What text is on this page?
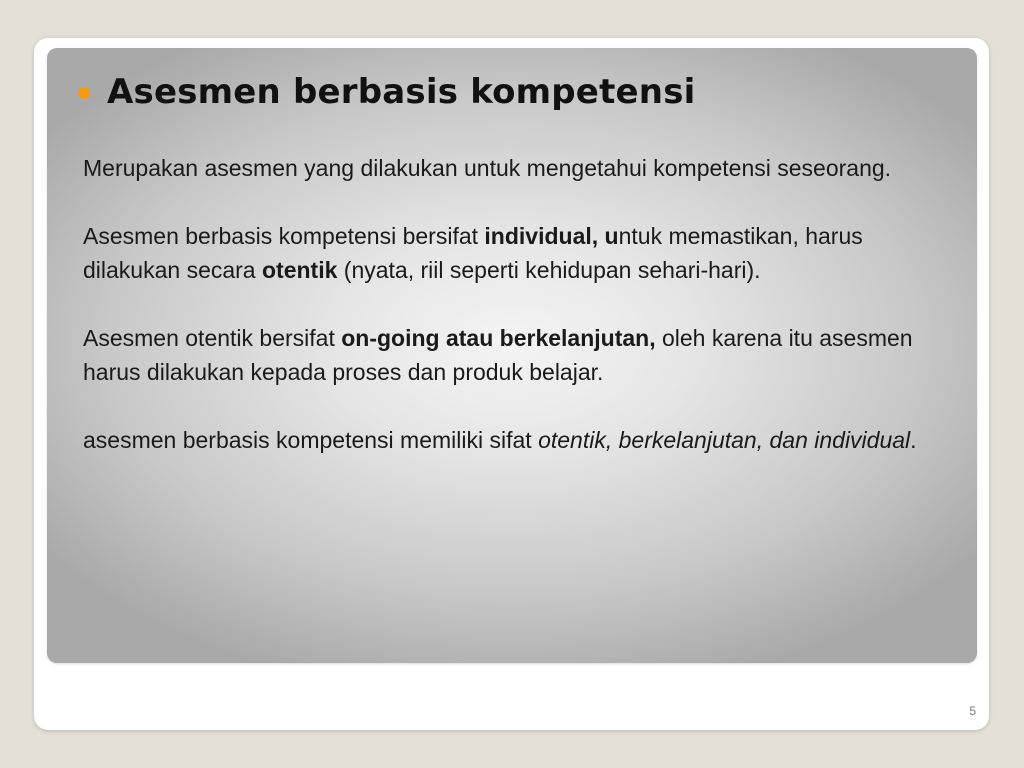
Asesmen berbasis kompetensi

Merupakan asesmen yang dilakukan untuk mengetahui kompetensi seseorang.

Asesmen berbasis kompetensi bersifat individual, untuk memastikan, harus dilakukan secara otentik (nyata, riil seperti kehidupan sehari-hari).

Asesmen otentik bersifat on-going atau berkelanjutan, oleh karena itu asesmen harus dilakukan kepada proses dan produk belajar.

asesmen berbasis kompetensi memiliki sifat otentik, berkelanjutan, dan individual.

5
